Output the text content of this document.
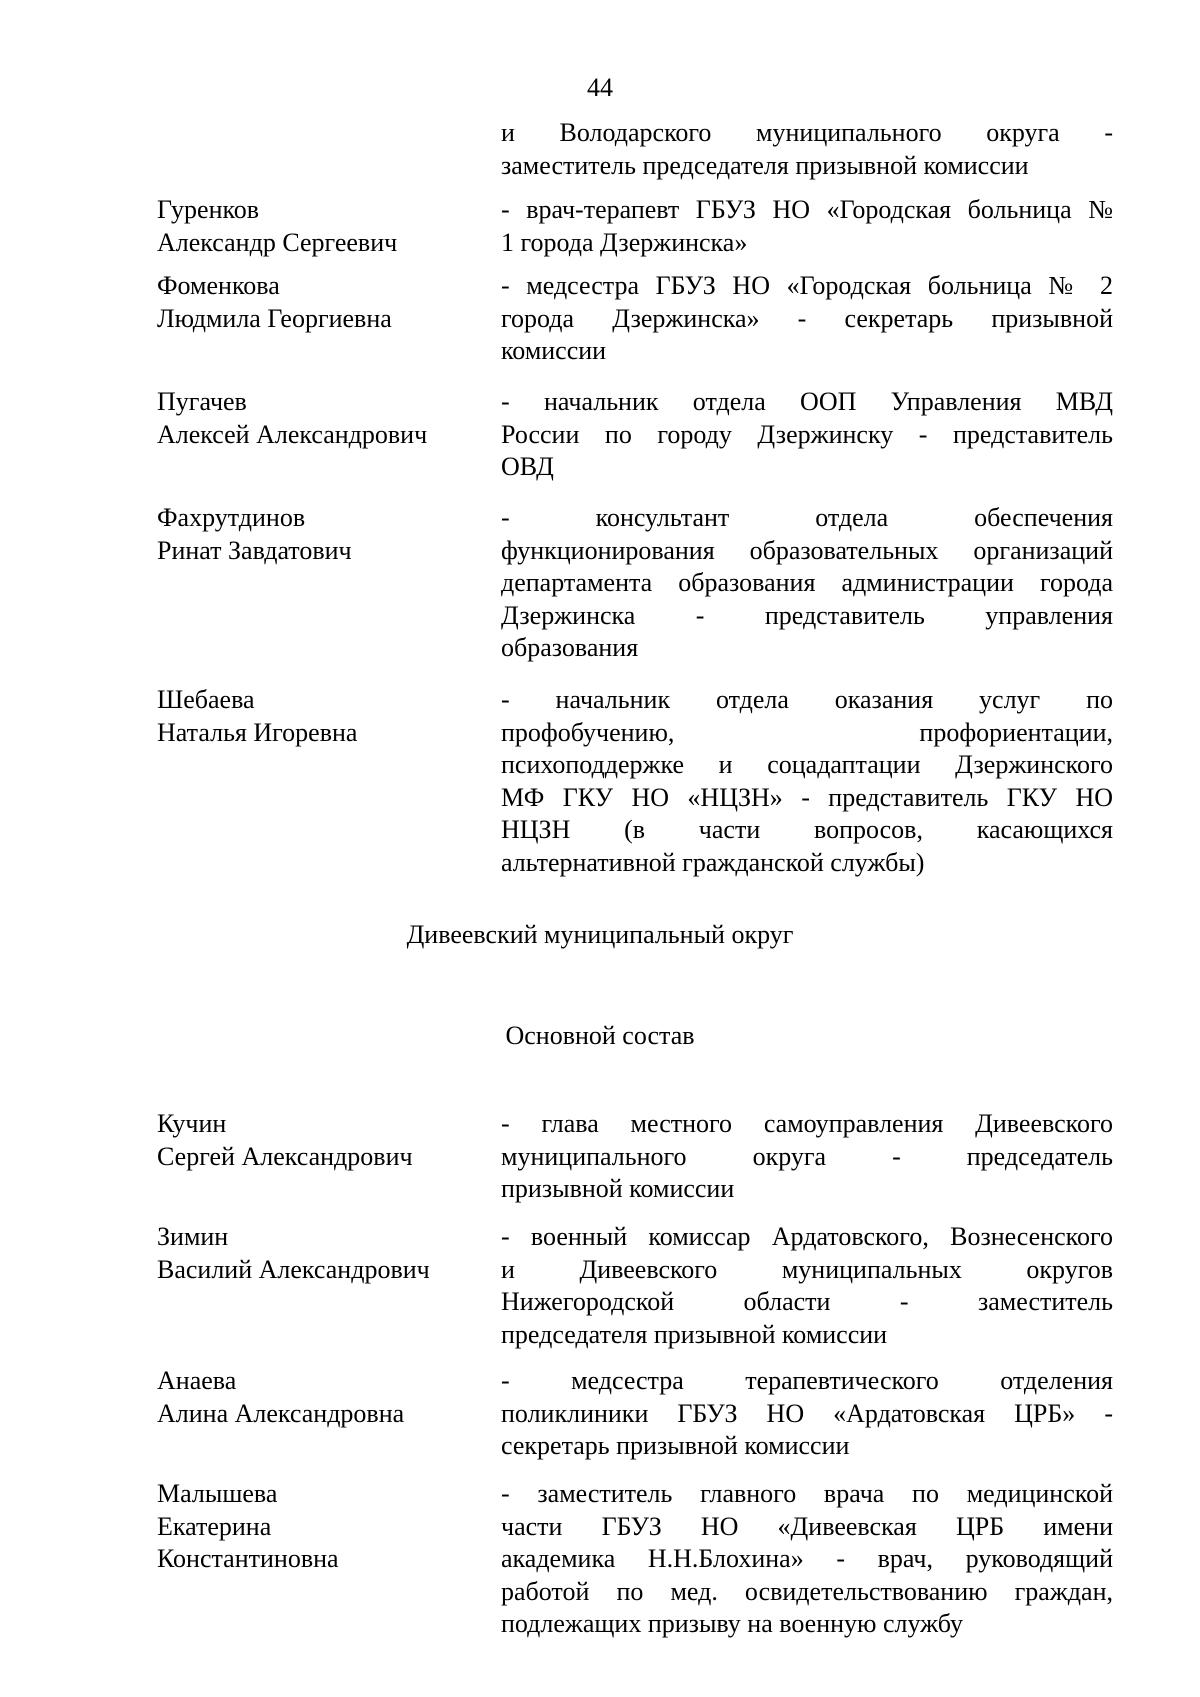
44
и Володарского муниципального округа -
заместитель председателя призывной комиссии
Гуренков
Александр Сергеевич
- врач-терапевт ГБУЗ НО «Городская больница №
1 города Дзержинска»
Фоменкова
Людмила Георгиевна
- медсестра ГБУЗ НО «Городская больница № 2
города Дзержинска» - секретарь призывной
комиссии
Пугачев
Алексей Александрович
- начальник отдела ООП Управления МВД
России по городу Дзержинску - представитель
ОВД
Фахрутдинов
Ринат Завдатович
- консультант отдела обеспечения
функционирования образовательных организаций
департамента образования администрации города
Дзержинска - представитель управления
образования
Шебаева
Наталья Игоревна
- начальник отдела оказания услуг по
профобучению, профориентации,
психоподдержке и соцадаптации Дзержинского
МФ ГКУ НО «НЦЗН» - представитель ГКУ НО
НЦЗН (в части вопросов, касающихся
альтернативной гражданской службы)
Дивеевский муниципальный округ
Основной состав
Кучин
Сергей Александрович
- глава местного самоуправления Дивеевского
муниципального округа - председатель
призывной комиссии
Зимин
Василий Александрович
- военный комиссар Ардатовского, Вознесенского
и Дивеевского муниципальных округов
Нижегородской области - заместитель
председателя призывной комиссии
Анаева
Алина Александровна
- медсестра терапевтического отделения
поликлиники ГБУЗ НО «Ардатовская ЦРБ» -
секретарь призывной комиссии
Малышева
Екатерина
Константиновна
- заместитель главного врача по медицинской
части ГБУЗ НО «Дивеевская ЦРБ имени
академика Н.Н.Блохина» - врач, руководящий
работой по мед. освидетельствованию граждан,
подлежащих призыву на военную службу
